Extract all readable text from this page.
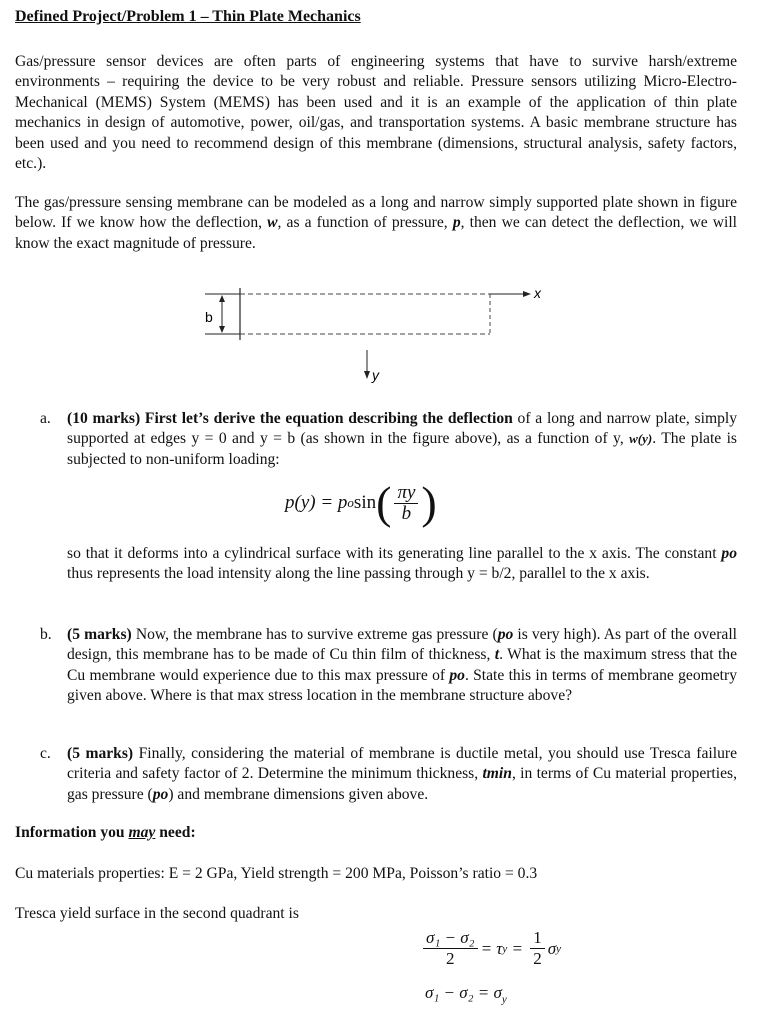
Defined Project/Problem 1 – Thin Plate Mechanics
Gas/pressure sensor devices are often parts of engineering systems that have to survive harsh/extreme environments – requiring the device to be very robust and reliable. Pressure sensors utilizing Micro-Electro-Mechanical (MEMS) System (MEMS) has been used and it is an example of the application of thin plate mechanics in design of automotive, power, oil/gas, and transportation systems. A basic membrane structure has been used and you need to recommend design of this membrane (dimensions, structural analysis, safety factors, etc.).
The gas/pressure sensing membrane can be modeled as a long and narrow simply supported plate shown in figure below. If we know how the deflection, w, as a function of pressure, p, then we can detect the deflection, we will know the exact magnitude of pressure.
b
x
y
a. (10 marks) First let’s derive the equation describing the deflection of a long and narrow plate, simply supported at edges y = 0 and y = b (as shown in the figure above), as a function of y, w(y). The plate is subjected to non-uniform loading:
p(y) = p o sin ( $\frac{\pi y}{b}$ )
so that it deforms into a cylindrical surface with its generating line parallel to the x axis. The constant po thus represents the load intensity along the line passing through y = b/2, parallel to the x axis.
b. (5 marks) Now, the membrane has to survive extreme gas pressure (po is very high). As part of the overall design, this membrane has to be made of Cu thin film of thickness, t. What is the maximum stress that the Cu membrane would experience due to this max pressure of po. State this in terms of membrane geometry given above. Where is that max stress location in the membrane structure above?
c. (5 marks) Finally, considering the material of membrane is ductile metal, you should use Tresca failure criteria and safety factor of 2. Determine the minimum thickness, tmin, in terms of Cu material properties, gas pressure (po) and membrane dimensions given above.
Information you may need:
Cu materials properties: E = 2 GPa, Yield strength = 200 MPa, Poisson’s ratio = 0.3
Tresca yield surface in the second quadrant is
$\frac{\text{σ₁ − σ₂}}{2} = \tau$ $y = \frac{1}{2}$ σ y
$\sigma_1 - \sigma_2 = \sigma_y$
